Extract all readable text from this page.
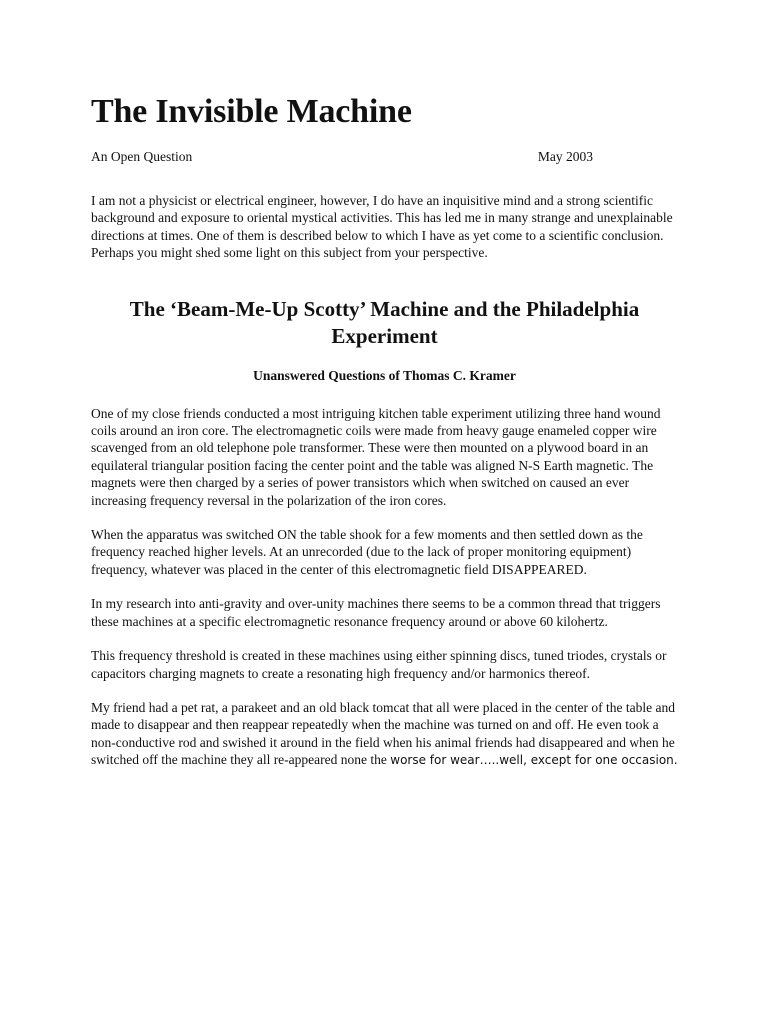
The Invisible Machine
An Open Question	May 2003

I am not a physicist or electrical engineer, however, I do have an inquisitive mind and a strong scientific background and exposure to oriental mystical activities. This has led me in many strange and unexplainable directions at times. One of them is described below to which I have as yet come to a scientific conclusion. Perhaps you might shed some light on this subject from your perspective.

The ‘Beam-Me-Up Scotty’ Machine and the Philadelphia Experiment
Unanswered Questions of Thomas C. Kramer

One of my close friends conducted a most intriguing kitchen table experiment utilizing three hand wound coils around an iron core. The electromagnetic coils were made from heavy gauge enameled copper wire scavenged from an old telephone pole transformer. These were then mounted on a plywood board in an equilateral triangular position facing the center point and the table was aligned N-S Earth magnetic. The magnets were then charged by a series of power transistors which when switched on caused an ever increasing frequency reversal in the polarization of the iron cores.

When the apparatus was switched ON the table shook for a few moments and then settled down as the frequency reached higher levels. At an unrecorded (due to the lack of proper monitoring equipment) frequency, whatever was placed in the center of this electromagnetic field DISAPPEARED.

In my research into anti-gravity and over-unity machines there seems to be a common thread that triggers these machines at a specific electromagnetic resonance frequency around or above 60 kilohertz.

This frequency threshold is created in these machines using either spinning discs, tuned triodes, crystals or capacitors charging magnets to create a resonating high frequency and/or harmonics thereof.

My friend had a pet rat, a parakeet and an old black tomcat that all were placed in the center of the table and made to disappear and then reappear repeatedly when the machine was turned on and off. He even took a non-conductive rod and swished it around in the field when his animal friends had disappeared and when he switched off the machine they all re-appeared none the worse for wear…..well, except for one occasion.
